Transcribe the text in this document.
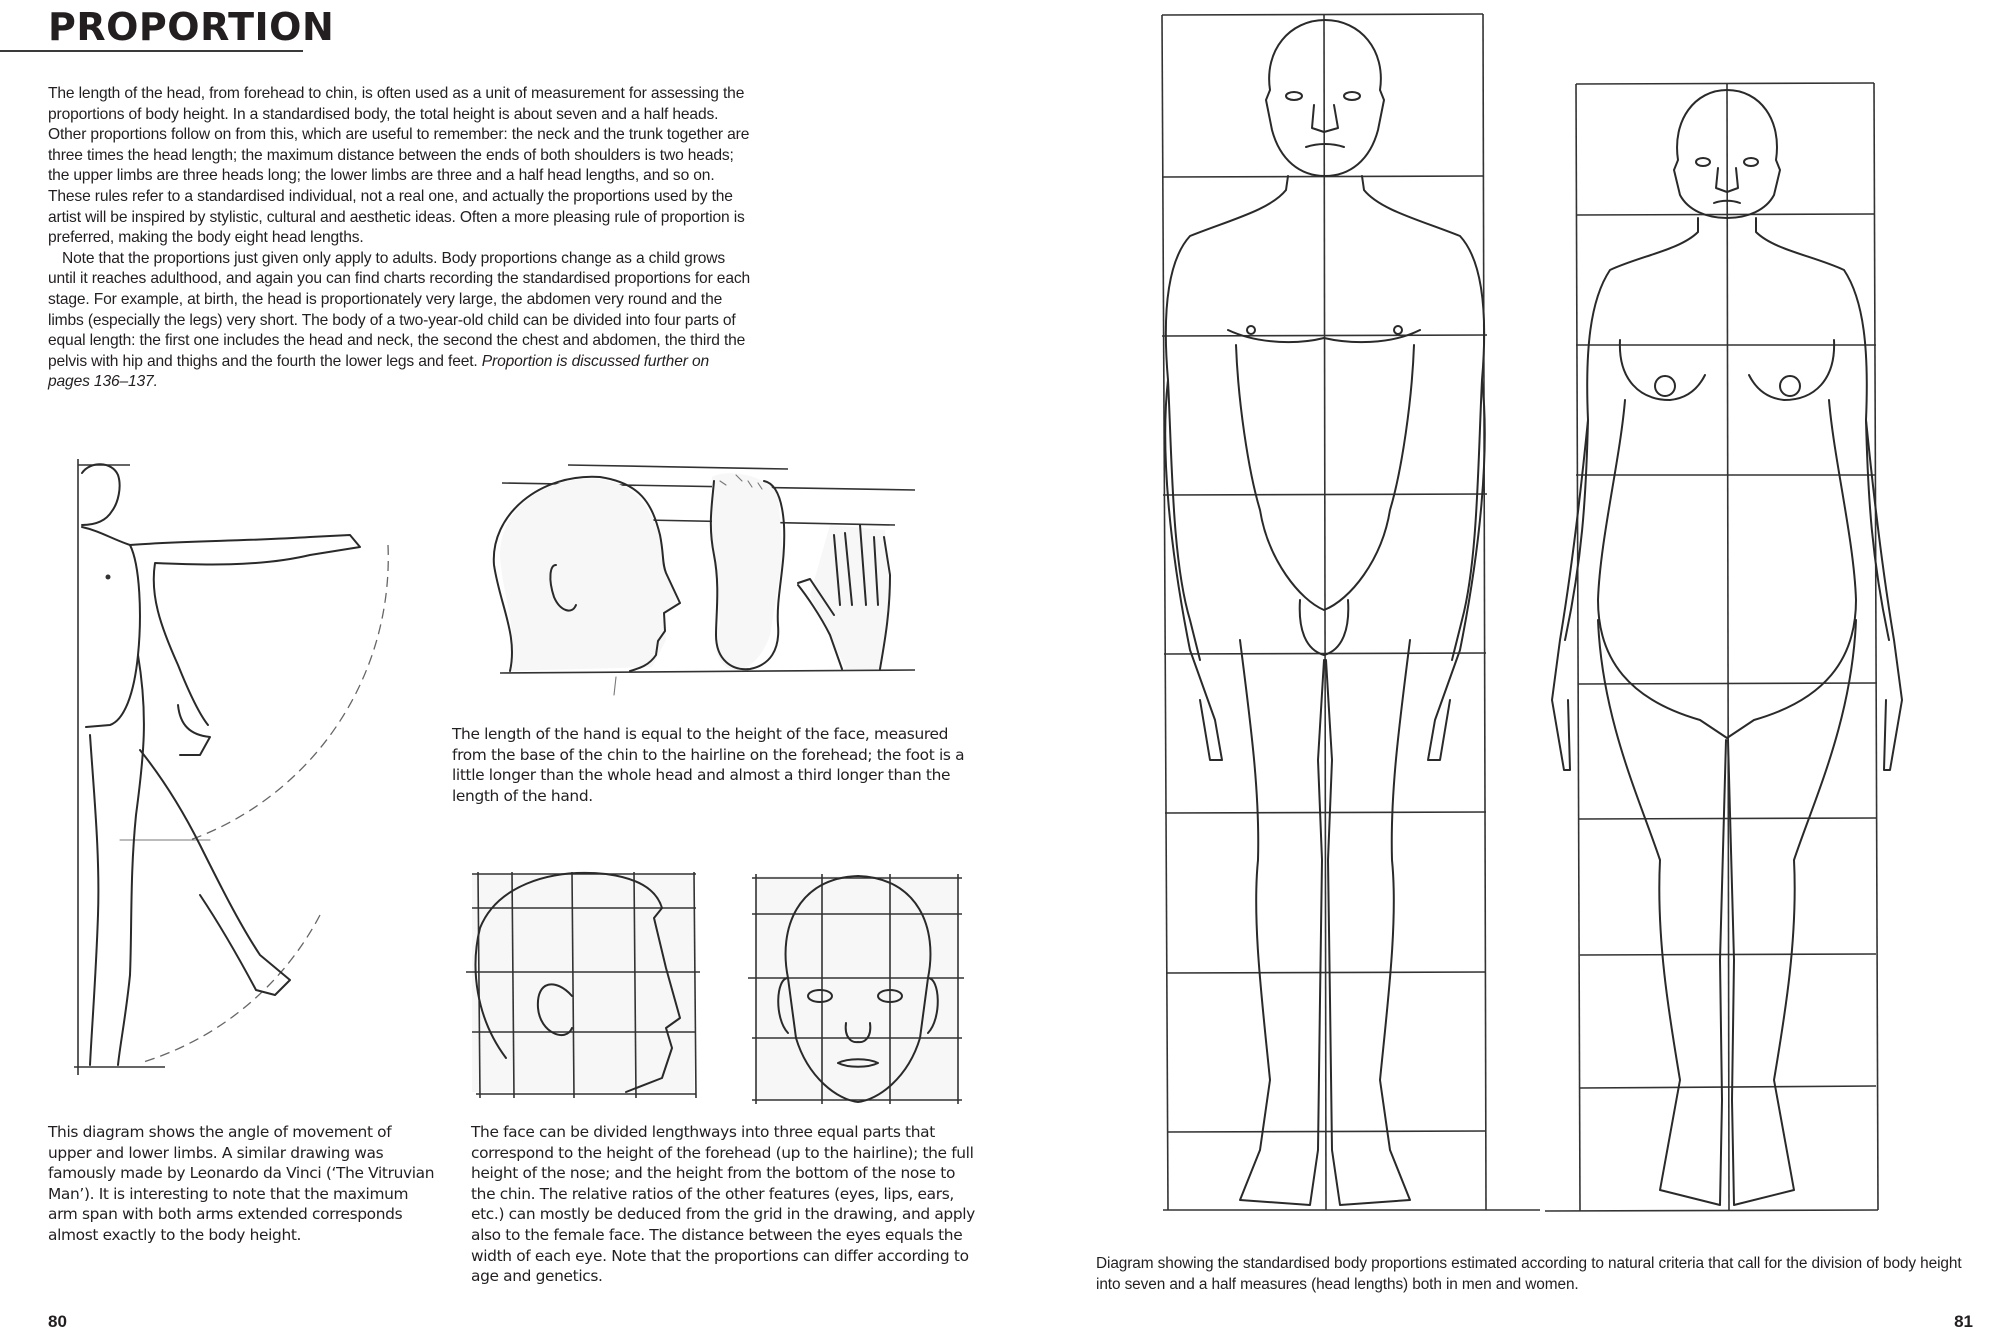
PROPORTION

The length of the head, from forehead to chin, is often used as a unit of measurement for assessing the proportions of body height. In a standardised body, the total height is about seven and a half heads. Other proportions follow on from this, which are useful to remember: the neck and the trunk together are three times the head length; the maximum distance between the ends of both shoulders is two heads; the upper limbs are three heads long; the lower limbs are three and a half head lengths, and so on. These rules refer to a standardised individual, not a real one, and actually the proportions used by the artist will be inspired by stylistic, cultural and aesthetic ideas. Often a more pleasing rule of proportion is preferred, making the body eight head lengths.

Note that the proportions just given only apply to adults. Body proportions change as a child grows until it reaches adulthood, and again you can find charts recording the standardised proportions for each stage. For example, at birth, the head is proportionately very large, the abdomen very round and the limbs (especially the legs) very short. The body of a two-year-old child can be divided into four parts of equal length: the first one includes the head and neck, the second the chest and abdomen, the third the pelvis with hip and thighs and the fourth the lower legs and feet. Proportion is discussed further on pages 136–137.

The length of the hand is equal to the height of the face, measured from the base of the chin to the hairline on the forehead; the foot is a little longer than the whole head and almost a third longer than the length of the hand.

This diagram shows the angle of movement of upper and lower limbs. A similar drawing was famously made by Leonardo da Vinci (‘The Vitruvian Man’). It is interesting to note that the maximum arm span with both arms extended corresponds almost exactly to the body height.

The face can be divided lengthways into three equal parts that correspond to the height of the forehead (up to the hairline); the full height of the nose; and the height from the bottom of the nose to the chin. The relative ratios of the other features (eyes, lips, ears, etc.) can mostly be deduced from the grid in the drawing, and apply also to the female face. The distance between the eyes equals the width of each eye. Note that the proportions can differ according to age and genetics.

80

Diagram showing the standardised body proportions estimated according to natural criteria that call for the division of body height into seven and a half measures (head lengths) both in men and women.

81
